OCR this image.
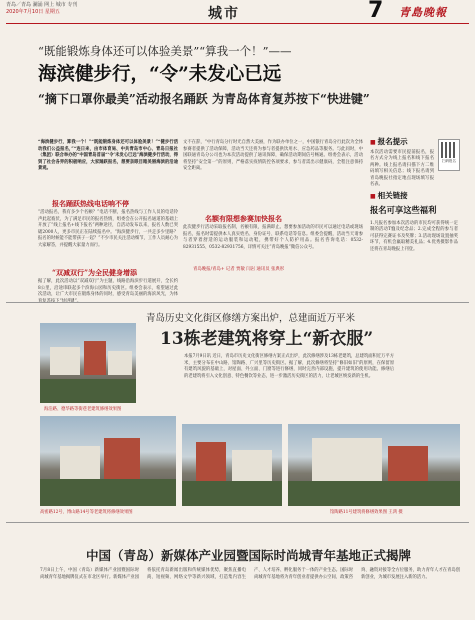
青岛／青岛 澜涌 网上 城市 专刊
2020年7月10日 星期五	城市	7 青島晚報
“既能锻炼身体还可以体验美景”“算我一个！”——
海滨健步行，“令”未发心已远
“摘下口罩你最美”活动报名踊跃 为青岛体育复苏按下“快进键”
“海滨健步行，算我一个！”“既能锻炼身体还可以体验美景！”“健步行活动我们公益报名，”“连日来，由市体育局、中共青岛市中心、青岛日报社（集团）联合举办的“中国青岛首届“‘令’未发心已远”海滨健步行活动，得到了社会各界的积极响应，大家踊跃报名，想要亲眼目睹美丽海滨的沿途景观。
报名踊跃热线电话响不停
“活动报名，我有多少个名额？”电话不断，报名热线与工作人员的电话铃声此起彼伏，为了满足市民的报名热情，组委会在公开报名通道的基础上开放了“线上报名+线下报名”两种途径，自活动发布以来，报名人数已突破2000人，更多市民正在陆续报名中。“海滨健步行，一共走多少里路？报名的时候能不能带孩子一起？”不少市民关注活动细节，工作人员耐心为大家解答，并提醒大家量力而行。
“双减双行”为全民健身增添
据了解，此次活动以“双减双行”为主题，线路沿海滨步行道展开，全长约8公里，沿途串联起多个滨海公园和历史街区。组委会表示，希望通过此次活动，让广大市民在锻炼身体的同时，感受青岛美丽的海滨风光，为体
文不在辞，“中行青岛分行时光自然大美丽，作为联办单位之一，中国银行青岛分行此次为全体参赛者提供了活动保障，活动当天还将为参与者提供饮用水、应急药品等服务。与此同时，中国联通青岛分公司也为本次活动提供了通讯保障，确保活动期间信号畅通。组委会表示，活动将坚持“安全第一”的原则，严格落实疫情防控各项要求，参与者需出示健康码，全程注意保持安全距离。
名额有限想参赛加快报名
此次健步行活动采取报名制，名额有限，报满即止。想要参加活动的市民可以通过电话或现场报名，报名时需提供本人真实姓名、身份证号、联系电话等信息。组委会提醒，活动当天请参与者穿着舒适的运动服装和运动鞋，携带好个人防护用品。报名咨询电话：0532-82931555、0532-82931756，详情可关注“青岛晚报”微信公众号。
青岛晚报/青岛+ 记者 贾敏 闫岩 通讯员 张典彤
■ 报名提示
本次活动需要市民提前报名，报名方式分为线上报名和线下报名两种。线上报名请扫描下方二维码填写相关信息；线下报名请到青岛晚报社指定地点现场填写报名表。
■ 相关链接
报名可享这些福利
1.凡报名参加本次活动的市民均可获得统一定制的活动T恤及纪念品；2.完成全程的参与者可获得完赛证书及奖牌；3.活动现场设置抽奖环节，有机会赢取精美礼品；4.优秀摄影作品还将在青岛晚报上刊登。
扫码报名
青岛历史文化街区修缮方案出炉，总建面近万平米
13栋老建筑将穿上“新衣服”
海泊路、德华路等街巷老建筑修缮效果图
本报7月9日讯 近日，青岛市历史文化街区修缮方案正式出炉，此次修缮涉及13栋老建筑，总建筑面积近万平方米，主要分布在中山路、馆陶路、广兴里等历史街区。据了解，此次修缮将坚持“修旧如旧”的原则，在保留原有建筑风貌的基础上，对屋面、外立面、门窗等进行修缮，同时完善内部设施，提升建筑的使用功能。修缮后的老建筑将引入文化创意、特色餐饮等业态，进一步激活历史街区的活力，让老城区焕发新的生机。
高密路12号、博山路14号等老建筑将修缮效果图	馆陶路11号建筑将修缮效果图 王鸿 摄
中国（青岛）新媒体产业园暨国际时尚城青年基地正式揭牌
7月8日上午，中国（青岛）新媒体产业园暨国际时尚城青年基地揭牌仪式在市北区举行。新媒体产业园将依托青岛新闻出版和传统媒体优势，聚焦直播电商、短视频、网络文学等新兴领域，打造集内容生产、人才培养、孵化服务于一体的产业生态。国际时尚城青年基地将为青年创业者提供办公空间、政策咨询、融资对接等全方位服务，助力青年人才在青岛创新创业，为城市发展注入新的活力。
